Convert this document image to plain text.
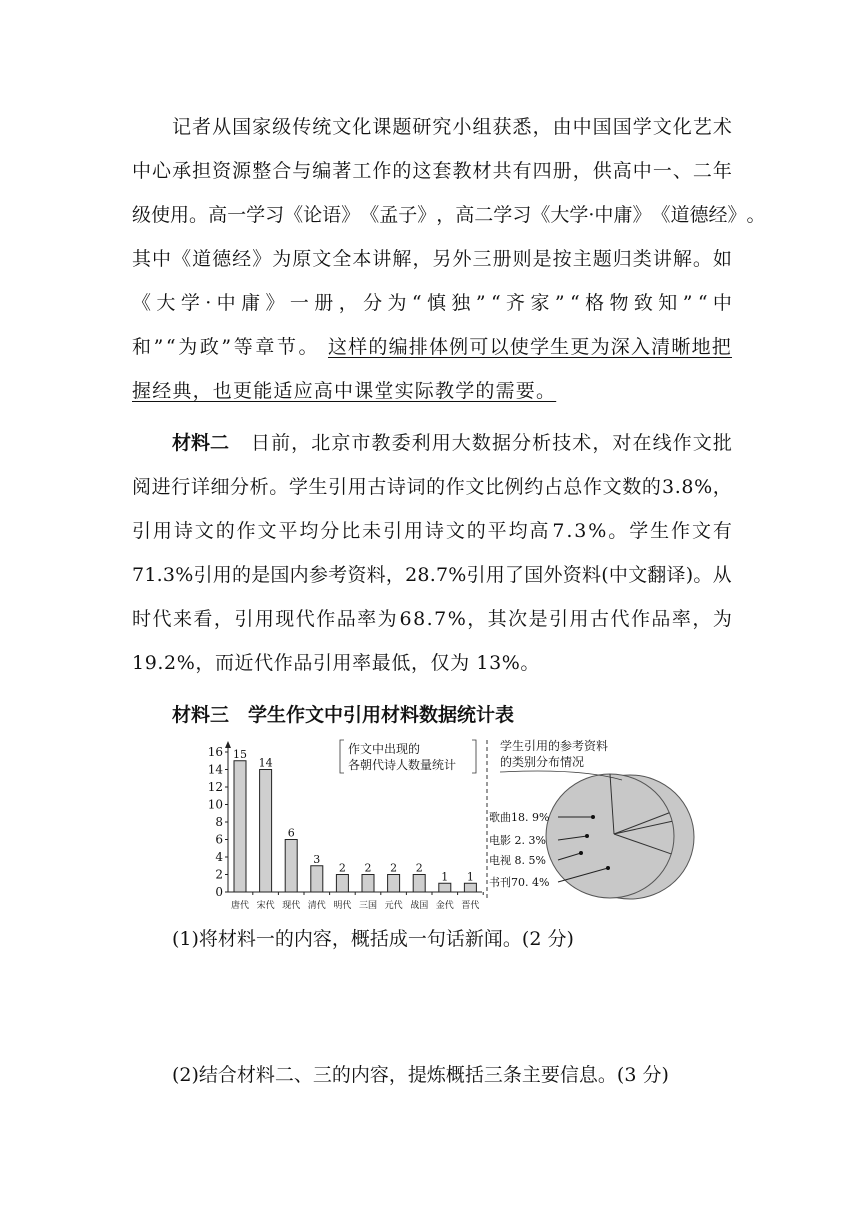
记 者 从 国 家 级 传 统 文 化 课 题 研 究 小 组 获 悉 ， 由 中 国 国 学 文 化 艺 术
中 心 承 担 资 源 整 合 与 编 著 工 作 的 这 套 教 材 共 有 四 册 ， 供 高 中 一 、 二 年
级 使 用 。 高 一 学 习 《 论 语 》 《 孟 子 》 ， 高 二 学 习 《 大 学 · 中 庸 》 《 道 德 经 》 。
其 中 《 道 德 经 》 为 原 文 全 本 讲 解 ， 另 外 三 册 则 是 按 主 题 归 类 讲 解 。 如
《 大 学 · 中 庸 》 一 册 ， 分 为 “ 慎 独 ” “ 齐 家 ” “ 格 物 致 知 ” “ 中
和”“为政”等章节。 这样的编排体例可以使学生更为深入清晰地把
握经典，也更能适应高中课堂实际教学的需要。
材料二 日 前 ， 北 京 市 教 委 利 用 大 数 据 分 析 技 术 ， 对 在 线 作 文 批
阅 进 行 详 细 分 析 。 学 生 引 用 古 诗 词 的 作 文 比 例 约 占 总 作 文 数 的 3 . 8 % ，
引 用 诗 文 的 作 文 平 均 分 比 未 引 用 诗 文 的 平 均 高 7 . 3 % 。 学 生 作 文 有
7 1 . 3 % 引 用 的 是 国 内 参 考 资 料 ， 2 8 . 7 % 引 用 了 国 外 资 料 ( 中 文 翻 译 ) 。 从
时 代 来 看 ， 引 用 现 代 作 品 率 为 6 8 . 7 % ， 其 次 是 引 用 古 代 作 品 率 ， 为
19.2%，而近代作品引用率最低，仅为 13%。
材料三　学生作文中引用材料数据统计表
0
2
4
6
8
10
12
14
16 15
唐代
14
宋代
6
现代
3
清代
2
明代
2
三国
2
元代
2
战国
1
金代
1
晋代
作文中出现的
各朝代诗人数量统计
歌曲18. 9%
电影 2. 3%
电视 8. 5%
书刊70. 4%
学生引用的参考资料
的类别分布情况
(1)将材料一的内容，概括成一句话新闻。(2 分)
(2)结合材料二、三的内容，提炼概括三条主要信息。(3 分)
